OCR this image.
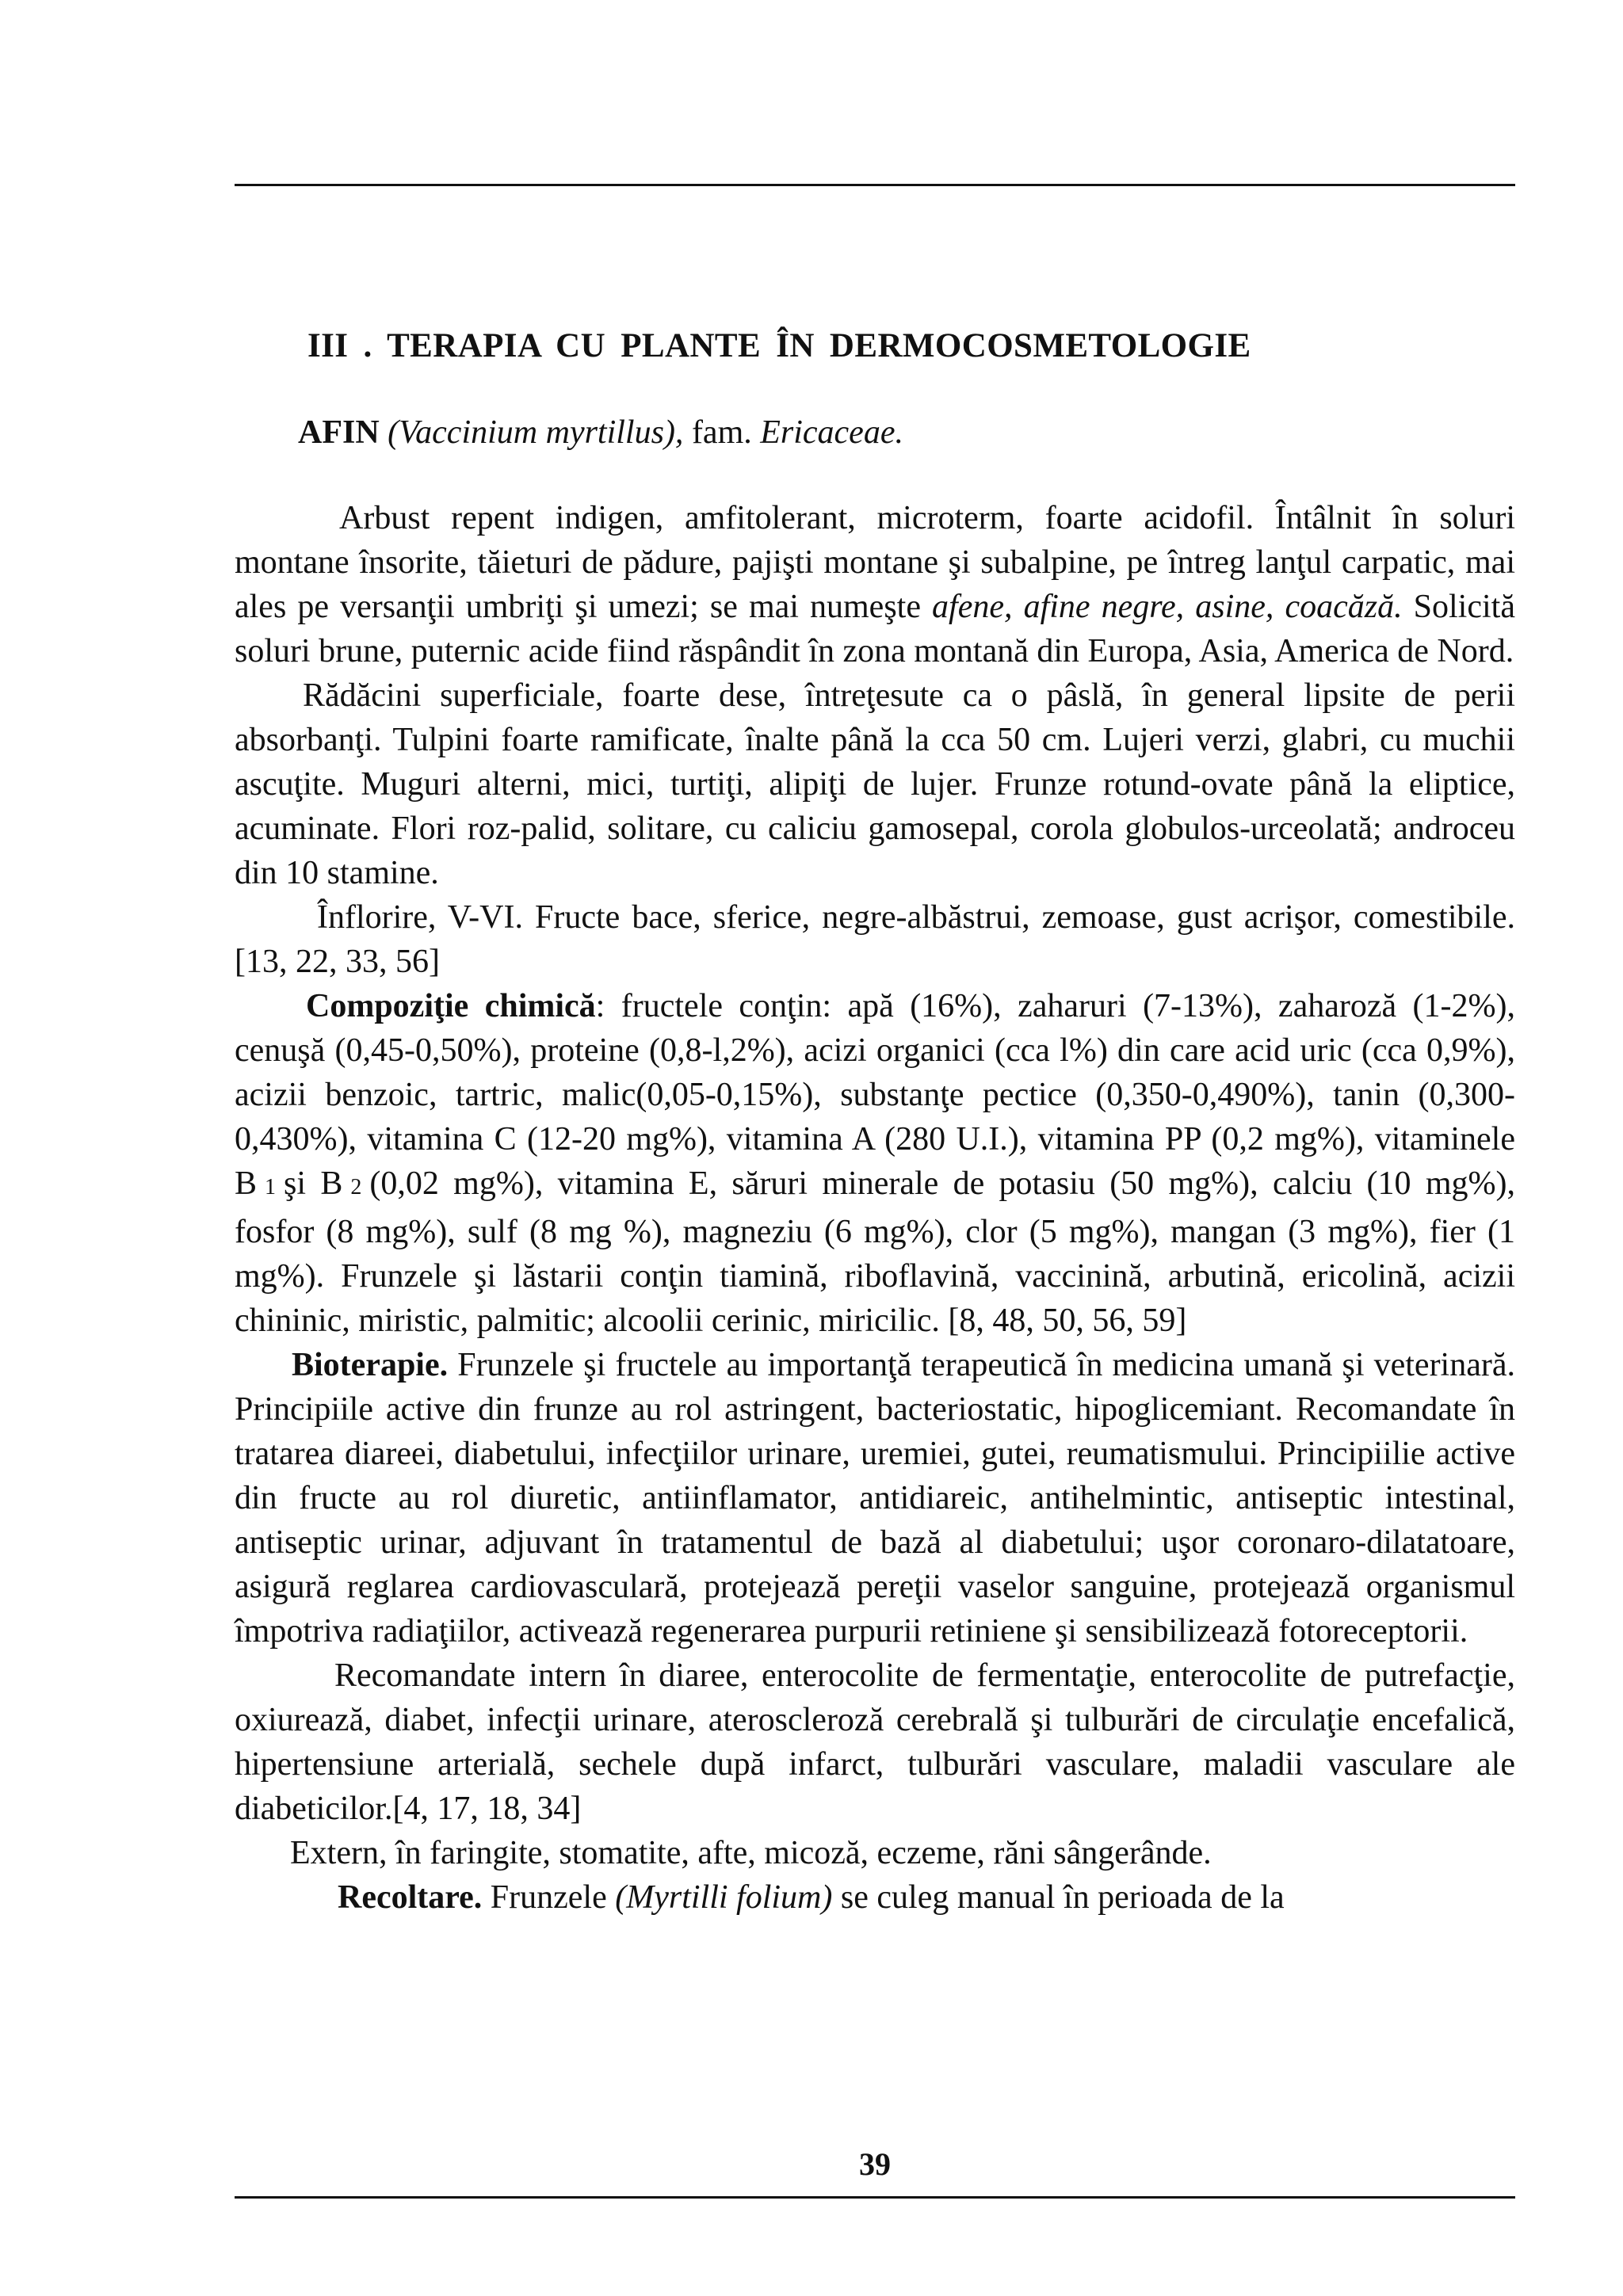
III . TERAPIA CU PLANTE ÎN DERMOCOSMETOLOGIE

AFIN (Vaccinium myrtillus), fam. Ericaceae.

Arbust repent indigen, amfitolerant, microterm, foarte acidofil. Întâlnit în soluri montane însorite, tăieturi de pădure, pajişti montane şi subalpine, pe întreg lanţul carpatic, mai ales pe versanţii umbriţi şi umezi; se mai numeşte afene, afine negre, asine, coacăză. Solicită soluri brune, puternic acide fiind răspândit în zona montană din Europa, Asia, America de Nord.

Rădăcini superficiale, foarte dese, întreţesute ca o pâslă, în general lipsite de perii absorbanţi. Tulpini foarte ramificate, înalte până la cca 50 cm. Lujeri verzi, glabri, cu muchii ascuţite. Muguri alterni, mici, turtiţi, alipiţi de lujer. Frunze rotund-ovate până la eliptice, acuminate. Flori roz-palid, solitare, cu caliciu gamosepal, corola globulos-urceolată; androceu din 10 stamine.

Înflorire, V-VI. Fructe bace, sferice, negre-albăstrui, zemoase, gust acrişor, comestibile.[13, 22, 33, 56]

Compoziţie chimică: fructele conţin: apă (16%), zaharuri (7-13%), zaharoză (1-2%), cenuşă (0,45-0,50%), proteine (0,8-l,2%), acizi organici (cca l%) din care acid uric (cca 0,9%), acizii benzoic, tartric, malic(0,05-0,15%), substanţe pectice (0,350-0,490%), tanin (0,300-0,430%), vitamina C (12-20 mg%), vitamina A (280 U.I.), vitamina PP (0,2 mg%), vitaminele B 1 şi B 2 (0,02 mg%), vitamina E, săruri minerale de potasiu (50 mg%), calciu (10 mg%), fosfor (8 mg%), sulf (8 mg %), magneziu (6 mg%), clor (5 mg%), mangan (3 mg%), fier (1 mg%). Frunzele şi lăstarii conţin tiamină, riboflavină, vaccinină, arbutină, ericolină, acizii chininic, miristic, palmitic; alcoolii cerinic, miricilic. [8, 48, 50, 56, 59]

Bioterapie. Frunzele şi fructele au importanţă terapeutică în medicina umană şi veterinară. Principiile active din frunze au rol astringent, bacteriostatic, hipoglicemiant. Recomandate în tratarea diareei, diabetului, infecţiilor urinare, uremiei, gutei, reumatismului. Principiilie active din fructe au rol diuretic, antiinflamator, antidiareic, antihelmintic, antiseptic intestinal, antiseptic urinar, adjuvant în tratamentul de bază al diabetului; uşor coronaro-dilatatoare, asigură reglarea cardiovasculară, protejează pereţii vaselor sanguine, protejează organismul împotriva radiaţiilor, activează regenerarea purpurii retiniene şi sensibilizează fotoreceptorii.

Recomandate intern în diaree, enterocolite de fermentaţie, enterocolite de putrefacţie, oxiurează, diabet, infecţii urinare, ateroscleroză cerebrală şi tulburări de circulaţie encefalică, hipertensiune arterială, sechele după infarct, tulburări vasculare, maladii vasculare ale diabeticilor.[4, 17, 18, 34]

Extern, în faringite, stomatite, afte, micoză, eczeme, răni sângerânde.

Recoltare. Frunzele (Myrtilli folium) se culeg manual în perioada de la

39
